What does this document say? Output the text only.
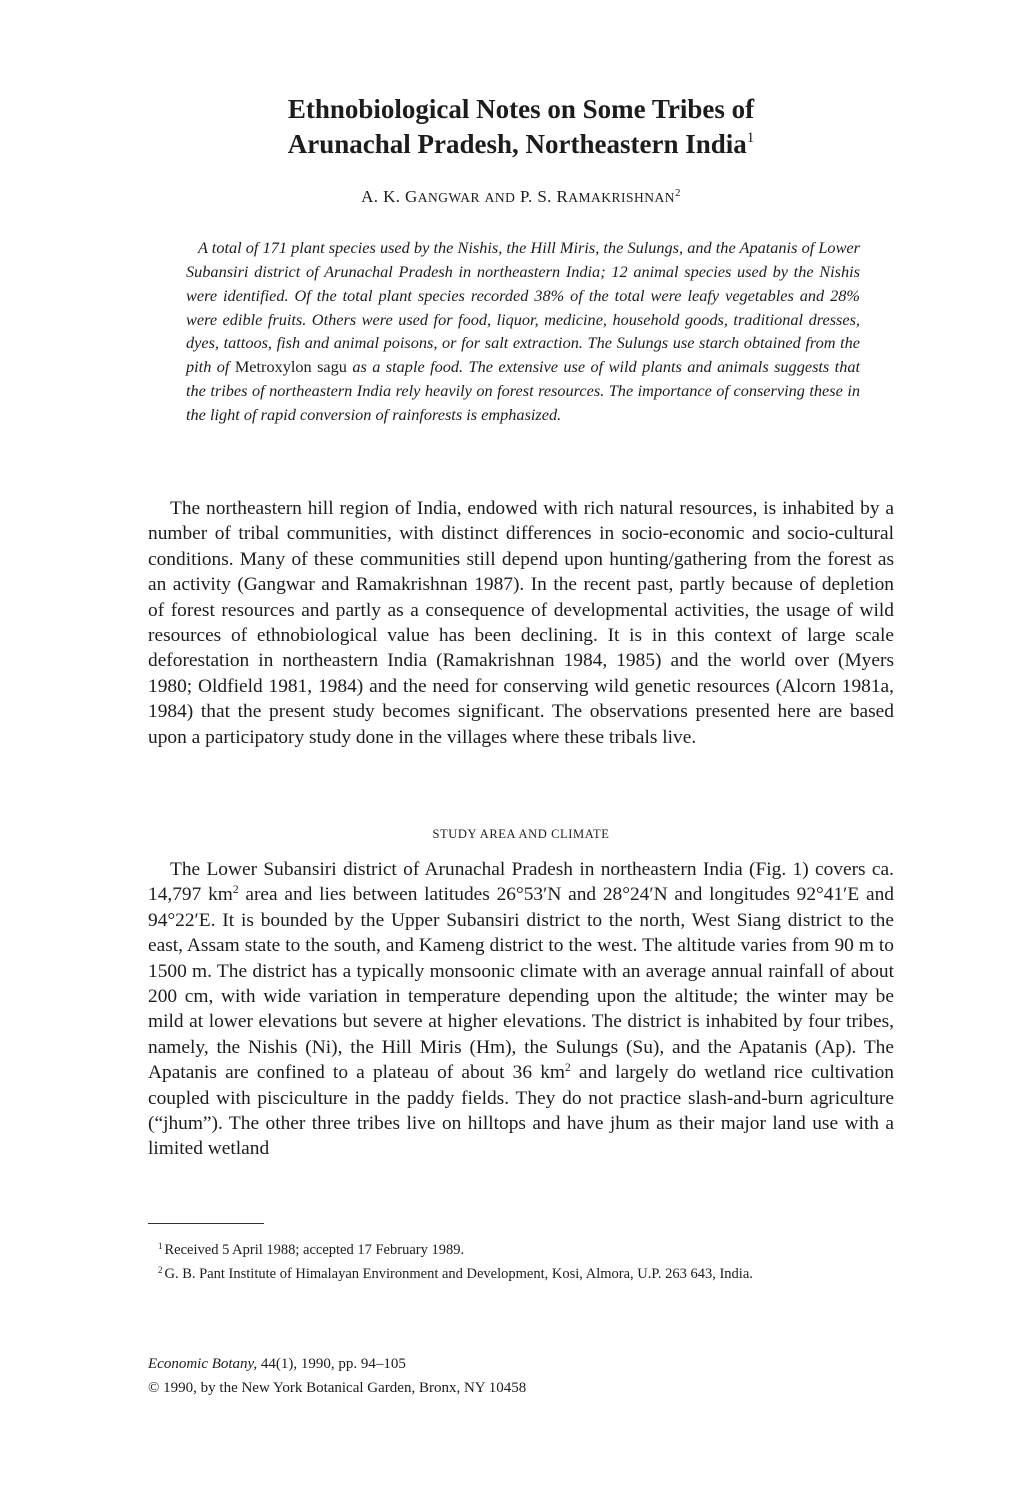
Ethnobiological Notes on Some Tribes of
Arunachal Pradesh, Northeastern India$^1$
A. K. GANGWAR AND P. S. RAMAKRISHNAN$^2$

A total of 171 plant species used by the Nishis, the Hill Miris, the Sulungs, and the Apatanis of Lower Subansiri district of Arunachal Pradesh in northeastern India; 12 animal species used by the Nishis were identified. Of the total plant species recorded 38% of the total were leafy vegetables and 28% were edible fruits. Others were used for food, liquor, medicine, household goods, traditional dresses, dyes, tattoos, fish and animal poisons, or for salt extraction. The Sulungs use starch obtained from the pith of Metroxylon sagu as a staple food. The extensive use of wild plants and animals suggests that the tribes of northeastern India rely heavily on forest resources. The importance of conserving these in the light of rapid conversion of rainforests is emphasized.

The northeastern hill region of India, endowed with rich natural resources, is inhabited by a number of tribal communities, with distinct differences in socio-economic and socio-cultural conditions. Many of these communities still depend upon hunting/gathering from the forest as an activity (Gangwar and Ramakrishnan 1987). In the recent past, partly because of depletion of forest resources and partly as a consequence of developmental activities, the usage of wild resources of ethnobiological value has been declining. It is in this context of large scale deforestation in northeastern India (Ramakrishnan 1984, 1985) and the world over (Myers 1980; Oldfield 1981, 1984) and the need for conserving wild genetic resources (Alcorn 1981a, 1984) that the present study becomes significant. The observations presented here are based upon a participatory study done in the villages where these tribals live.

STUDY AREA AND CLIMATE

The Lower Subansiri district of Arunachal Pradesh in northeastern India (Fig. 1) covers ca. 14,797 $km^2$ area and lies between latitudes 26°53′N and 28°24′N and longitudes 92°41′E and 94°22′E. It is bounded by the Upper Subansiri district to the north, West Siang district to the east, Assam state to the south, and Kameng district to the west. The altitude varies from 90 m to 1500 m. The district has a typically monsoonic climate with an average annual rainfall of about 200 cm, with wide variation in temperature depending upon the altitude; the winter may be mild at lower elevations but severe at higher elevations. The district is inhabited by four tribes, namely, the Nishis (Ni), the Hill Miris (Hm), the Sulungs (Su), and the Apatanis (Ap). The Apatanis are confined to a plateau of about 36 $km^2$ and largely do wetland rice cultivation coupled with pisciculture in the paddy fields. They do not practice slash-and-burn agriculture (“jhum”). The other three tribes live on hilltops and have jhum as their major land use with a limited wetland

$^1$ Received 5 April 1988; accepted 17 February 1989.

$^2$ G. B. Pant Institute of Himalayan Environment and Development, Kosi, Almora, U.P. 263 643, India.

Economic Botany, 44(1), 1990, pp. 94–105
© 1990, by the New York Botanical Garden, Bronx, NY 10458
